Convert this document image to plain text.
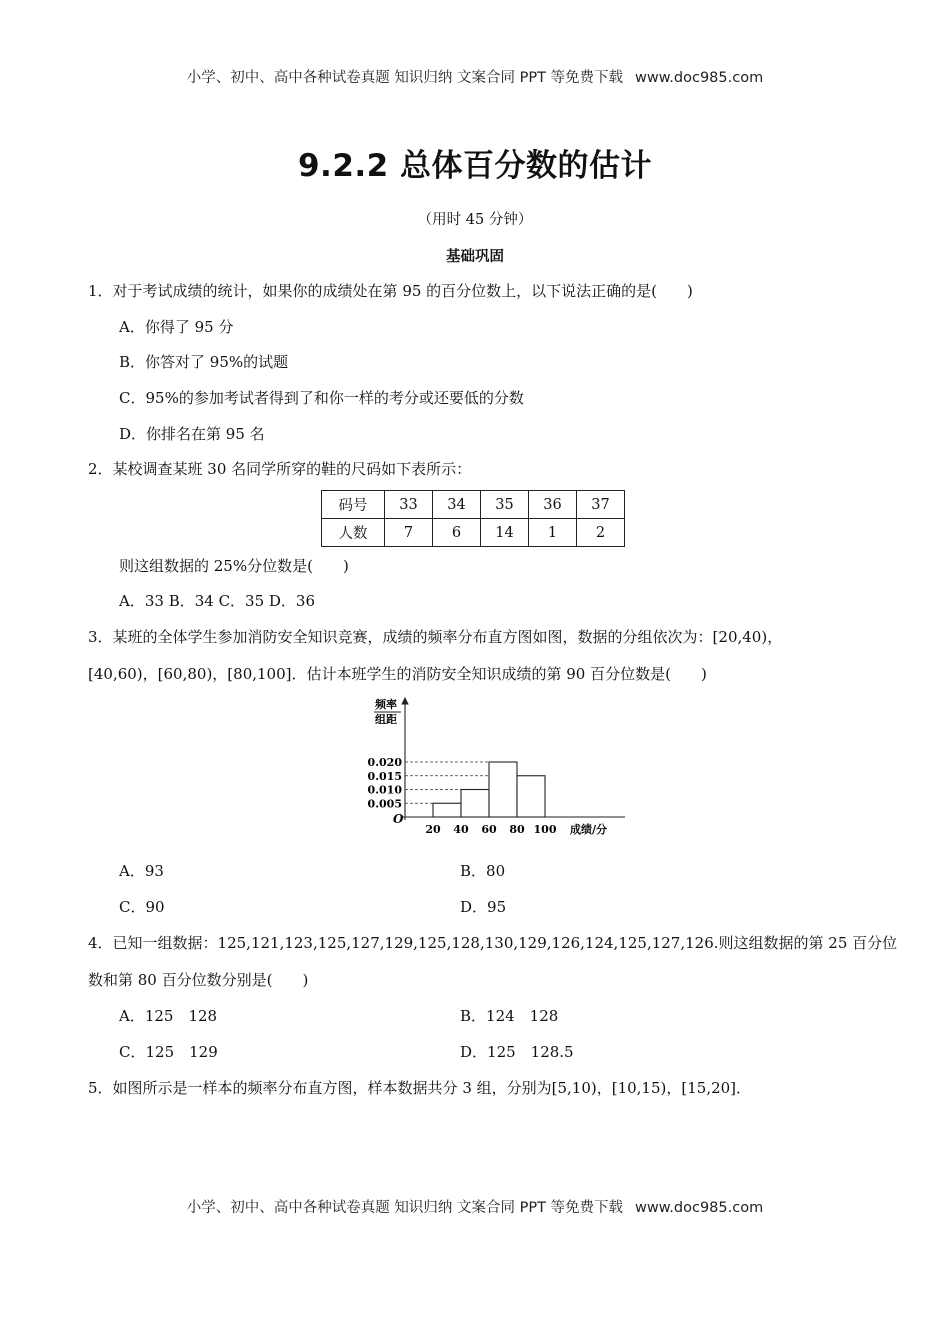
小学、初中、高中各种试卷真题 知识归纳 文案合同 PPT 等免费下载 www.doc985.com
9.2.2 总体百分数的估计
（用时 45 分钟）
基础巩固
1．对于考试成绩的统计，如果你的成绩处在第 95 的百分位数上，以下说法正确的是(　　)
A．你得了 95 分
B．你答对了 95%的试题
C．95%的参加考试者得到了和你一样的考分或还要低的分数
D．你排名在第 95 名
2．某校调查某班 30 名同学所穿的鞋的尺码如下表所示：
码号	33	34	35	36	37
人数	7	6	14	1	2
则这组数据的 25%分位数是(　　)
A．33 B．34 C．35 D．36
3．某班的全体学生参加消防安全知识竞赛，成绩的频率分布直方图如图，数据的分组依次为：[20,40)，
[40,60)，[60,80)，[80,100]．估计本班学生的消防安全知识成绩的第 90 百分位数是(　　)
0.005
0.010
0.015
0.020
20 40 60 80 100
O
频率
组距
成绩/分
A．93	B．80
C．90	D．95
4．已知一组数据：125,121,123,125,127,129,125,128,130,129,126,124,125,127,126.则这组数据的第 25 百分位
数和第 80 百分位数分别是(　　)
A．125　128	B．124　128
C．125　129	D．125　128.5
5．如图所示是一样本的频率分布直方图，样本数据共分 3 组，分别为[5,10)，[10,15)，[15,20]．
小学、初中、高中各种试卷真题 知识归纳 文案合同 PPT 等免费下载 www.doc985.com
